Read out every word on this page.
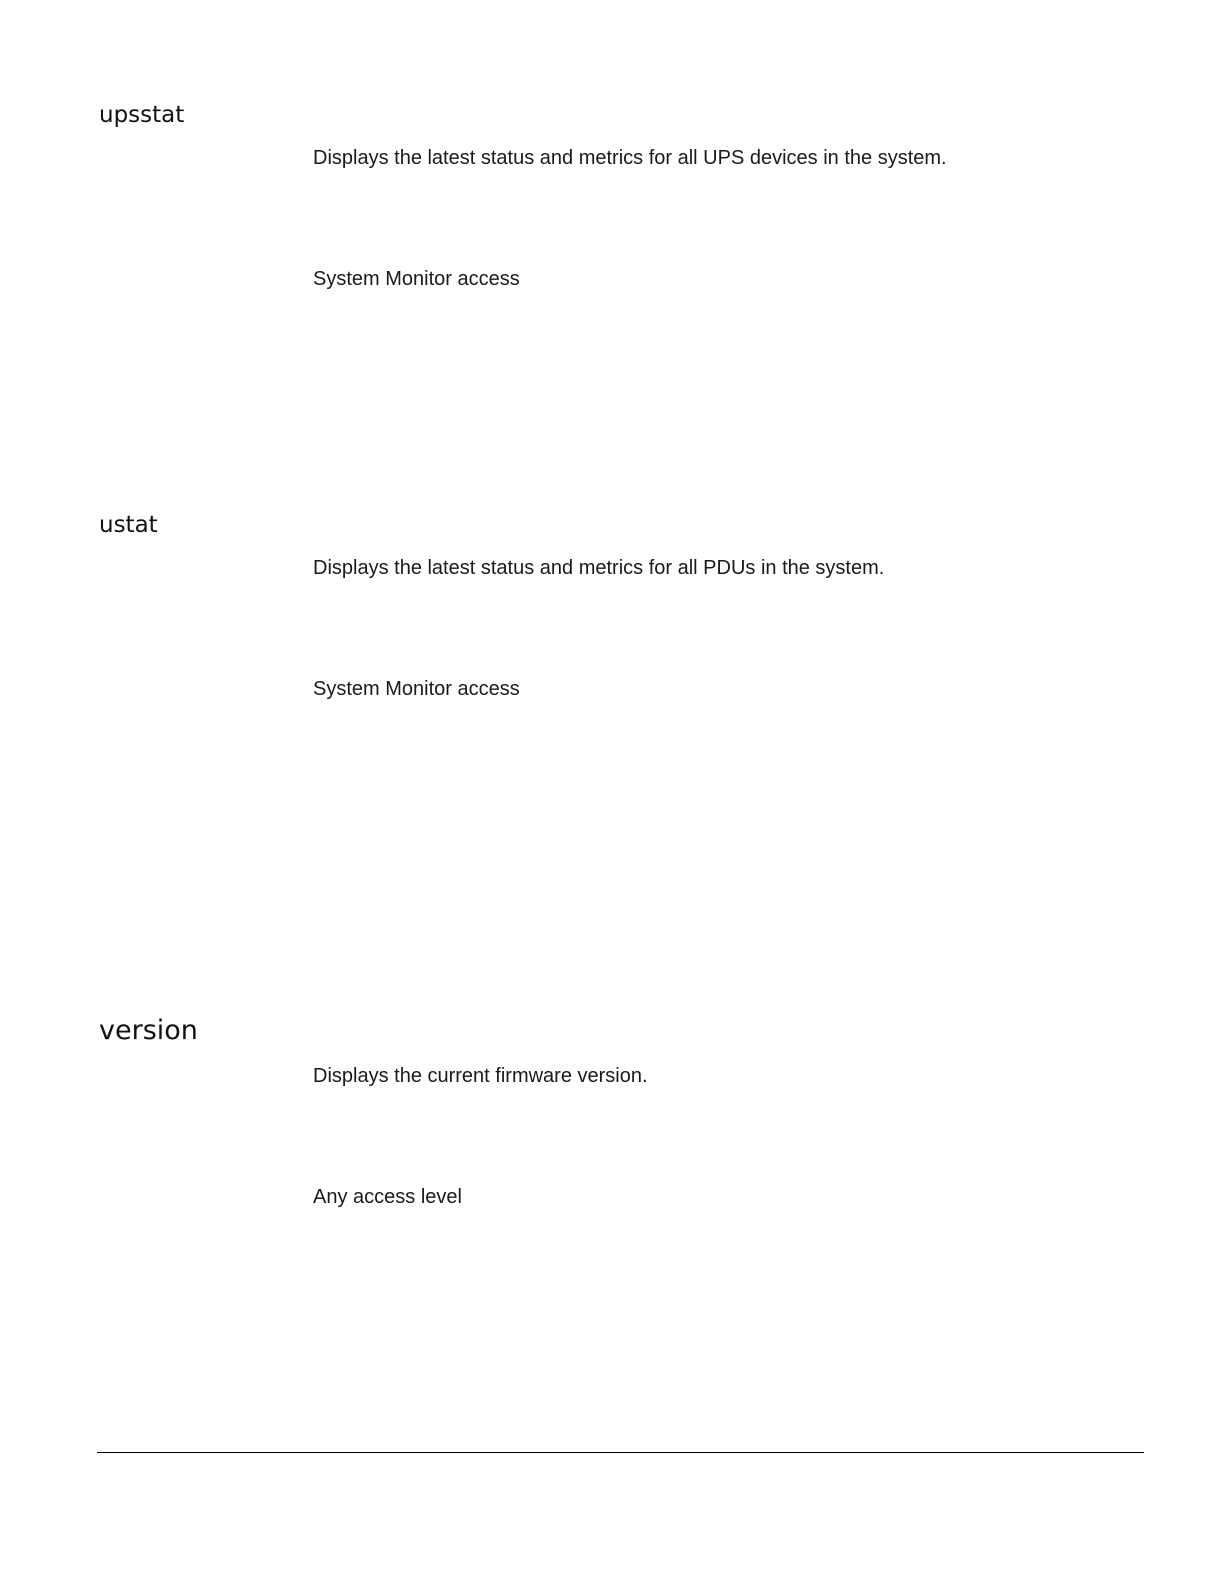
upsstat

Displays the latest status and metrics for all UPS devices in the system.

System Monitor access

ustat

Displays the latest status and metrics for all PDUs in the system.

System Monitor access

version

Displays the current firmware version.

Any access level
